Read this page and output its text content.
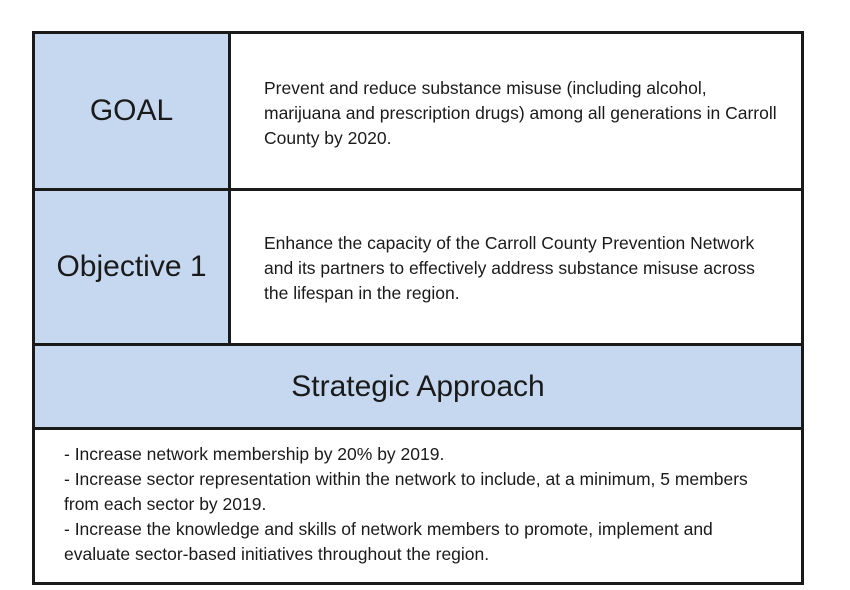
GOAL

Prevent and reduce substance misuse (including alcohol, marijuana and prescription drugs) among all generations in Carroll County by 2020.

Objective 1

Enhance the capacity of the Carroll County Prevention Network and its partners to effectively address substance misuse across the lifespan in the region.

Strategic Approach
- Increase network membership by 20% by 2019.
- Increase sector representation within the network to include, at a minimum, 5 members from each sector by 2019.
- Increase the knowledge and skills of network members to promote, implement and evaluate sector-based initiatives throughout the region.
